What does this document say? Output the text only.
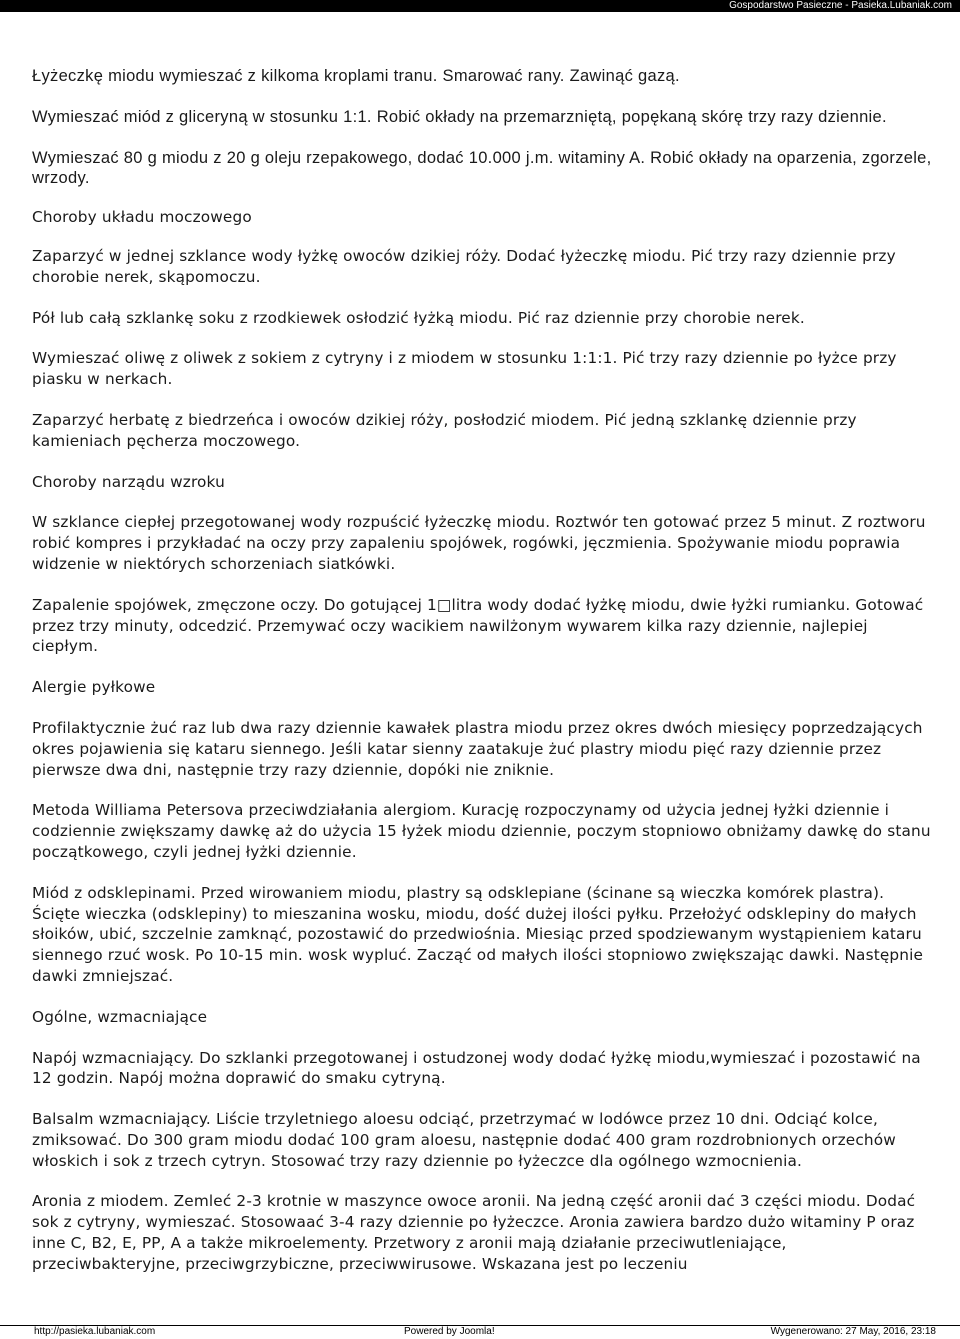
Gospodarstwo Pasieczne - Pasieka.Lubaniak.com

Łyżeczkę miodu wymieszać z kilkoma kroplami tranu. Smarować rany. Zawinąć gazą.

Wymieszać miód z gliceryną w stosunku 1:1. Robić okłady na przemarzniętą, popękaną skórę trzy razy dziennie.

Wymieszać 80 g miodu z 20 g oleju rzepakowego, dodać 10.000 j.m. witaminy A. Robić okłady na oparzenia, zgorzele, wrzody.

Choroby układu moczowego

Zaparzyć w jednej szklance wody łyżkę owoców dzikiej róży. Dodać łyżeczkę miodu. Pić trzy razy dziennie przy chorobie nerek, skąpomoczu.

Pół lub całą szklankę soku z rzodkiewek osłodzić łyżką miodu. Pić raz dziennie przy chorobie nerek.

Wymieszać oliwę z oliwek z sokiem z cytryny i z miodem w stosunku 1:1:1. Pić trzy razy dziennie po łyżce przy piasku w nerkach.

Zaparzyć herbatę z biedrzeńca i owoców dzikiej róży, posłodzić miodem. Pić jedną szklankę dziennie przy kamieniach pęcherza moczowego.

Choroby narządu wzroku

W szklance ciepłej przegotowanej wody rozpuścić łyżeczkę miodu. Roztwór ten gotować przez 5 minut. Z roztworu robić kompres i przykładać na oczy przy zapaleniu spojówek, rogówki, jęczmienia. Spożywanie miodu poprawia widzenie w niektórych schorzeniach siatkówki.

Zapalenie spojówek, zmęczone oczy. Do gotującej 1□litra wody dodać łyżkę miodu, dwie łyżki rumianku. Gotować przez trzy minuty, odcedzić. Przemywać oczy wacikiem nawilżonym wywarem kilka razy dziennie, najlepiej ciepłym.

Alergie pyłkowe

Profilaktycznie żuć raz lub dwa razy dziennie kawałek plastra miodu przez okres dwóch miesięcy poprzedzających okres pojawienia się kataru siennego. Jeśli katar sienny zaatakuje żuć plastry miodu pięć razy dziennie przez pierwsze dwa dni, następnie trzy razy dziennie, dopóki nie zniknie.

Metoda Williama Petersova przeciwdziałania alergiom. Kurację rozpoczynamy od użycia jednej łyżki dziennie i codziennie zwiększamy dawkę aż do użycia 15 łyżek miodu dziennie, poczym stopniowo obniżamy dawkę do stanu początkowego, czyli jednej łyżki dziennie.

Miód z odsklepinami. Przed wirowaniem miodu, plastry są odsklepiane (ścinane są wieczka komórek plastra). Ścięte wieczka (odsklepiny) to mieszanina wosku, miodu, dość dużej ilości pyłku. Przełożyć odsklepiny do małych słoików, ubić, szczelnie zamknąć, pozostawić do przedwiośnia. Miesiąc przed spodziewanym wystąpieniem kataru siennego rzuć wosk. Po 10-15 min. wosk wypluć. Zacząć od małych ilości stopniowo zwiększając dawki. Następnie dawki zmniejszać.

Ogólne, wzmacniające

Napój wzmacniający. Do szklanki przegotowanej i ostudzonej wody dodać łyżkę miodu,wymieszać i pozostawić na 12 godzin. Napój można doprawić do smaku cytryną.

Balsalm wzmacniający. Liście trzyletniego aloesu odciąć, przetrzymać w lodówce przez 10 dni. Odciąć kolce, zmiksować. Do 300 gram miodu dodać 100 gram aloesu, następnie dodać 400 gram rozdrobnionych orzechów włoskich i sok z trzech cytryn. Stosować trzy razy dziennie po łyżeczce dla ogólnego wzmocnienia.

Aronia z miodem. Zemleć 2-3 krotnie w maszynce owoce aronii. Na jedną część aronii dać 3 części miodu. Dodać sok z cytryny, wymieszać. Stosowaać 3-4 razy dziennie po łyżeczce. Aronia zawiera bardzo dużo witaminy P oraz inne C, B2, E, PP, A a także mikroelementy. Przetwory z aronii mają działanie przeciwutleniające, przeciwbakteryjne, przeciwgrzybiczne, przeciwwirusowe. Wskazana jest po leczeniu

http://pasieka.lubaniak.com	Powered by Joomla!	Wygenerowano: 27 May, 2016, 23:18
